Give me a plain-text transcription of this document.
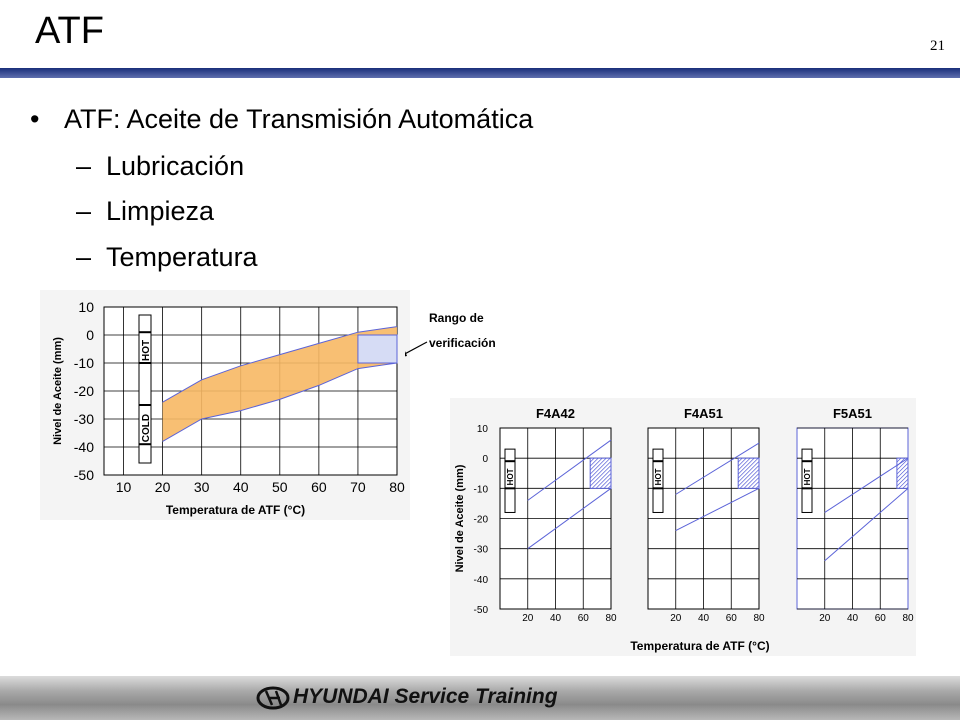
ATF	21
• ATF: Aceite de Transmisión Automática
– Lubricación
– Limpieza
– Temperatura
10 20 30 40 50 60 70 80
10
0
-10
-20
-30
-40
-50
HOT
COLD
Nivel de Aceite (mm)
Temperatura de ATF (°C)
Rango de
verificación
10
0
-10
-20
-30
-40
-50
F4A42
20 40 60 80
HOT
F4A51
20 40 60 80
HOT
F5A51
20 40 60 80
HOT
Nivel de Aceite (mm)
Temperatura de ATF (°C)
HYUNDAI Service Training
